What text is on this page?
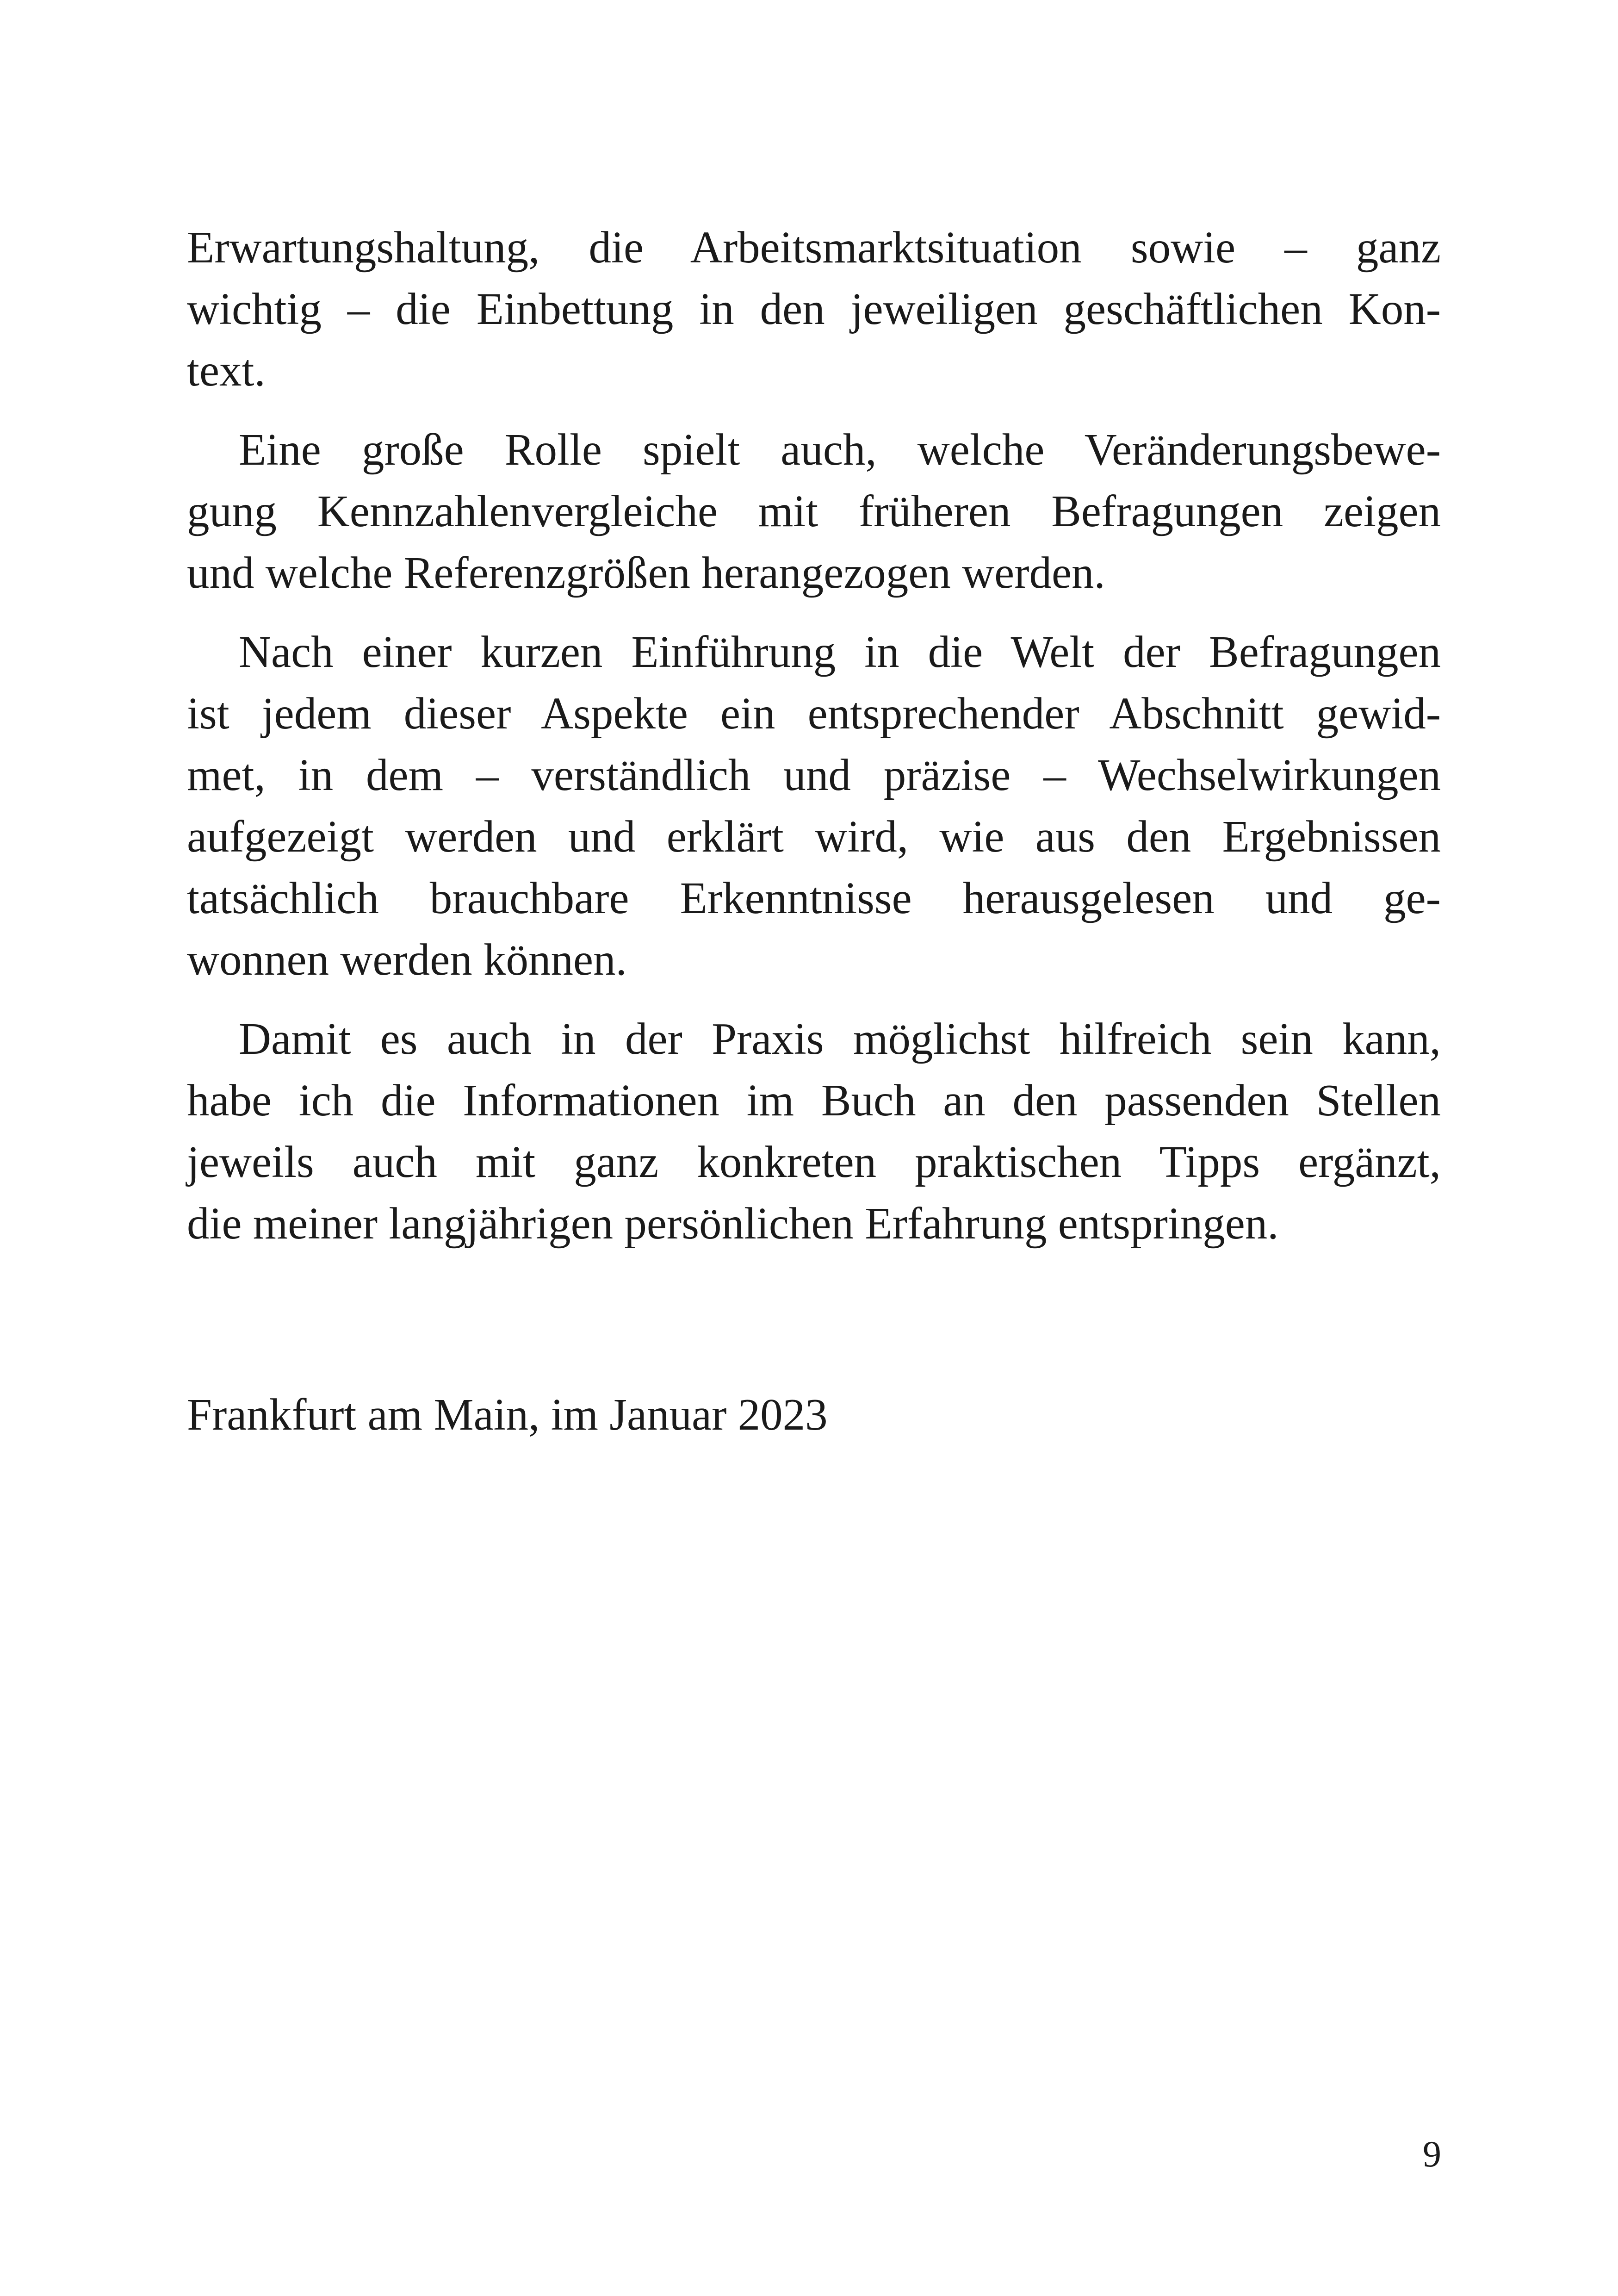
Erwartungshaltung, die Arbeitsmarktsituation sowie – ganz
wichtig – die Einbettung in den jeweiligen geschäftlichen Kon-
text.

Eine große Rolle spielt auch, welche Veränderungsbewe-
gung Kennzahlenvergleiche mit früheren Befragungen zeigen
und welche Referenzgrößen herangezogen werden.

Nach einer kurzen Einführung in die Welt der Befragungen
ist jedem dieser Aspekte ein entsprechender Abschnitt gewid-
met, in dem – verständlich und präzise – Wechselwirkungen
aufgezeigt werden und erklärt wird, wie aus den Ergebnissen
tatsächlich brauchbare Erkenntnisse herausgelesen und ge-
wonnen werden können.

Damit es auch in der Praxis möglichst hilfreich sein kann,
habe ich die Informationen im Buch an den passenden Stellen
jeweils auch mit ganz konkreten praktischen Tipps ergänzt,
die meiner langjährigen persönlichen Erfahrung entspringen.

Frankfurt am Main, im Januar 2023

9
